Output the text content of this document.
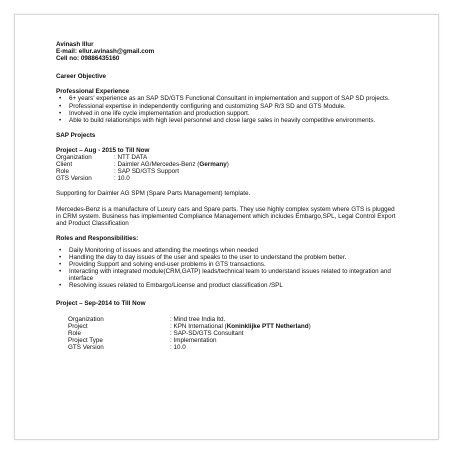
Avinash Illur
E-mail: ellur.avinash@gmail.com
Cell no: 09886435160
Career Objective
Professional Experience
• 6+ years' experience as an SAP SD/GTS Functional Consultant in implementation and support of SAP SD projects.
• Professional expertise in independently configuring and customizing SAP R/3 SD and GTS Module.
• Involved in one life cycle implementation and production support.
• Able to build relationships with high level personnel and close large sales in heavily competitive environments.
SAP Projects
Project – Aug - 2015 to Till Now
Organization	: NTT DATA
Client	: Daimler AG/Mercedes-Benz ( Germany )
Role	: SAP SD/GTS Support
GTS Version	: 10.0
Supporting for Daimler AG SPM (Spare Parts Management) template.
Mercedes-Benz is a manufacture of Luxury cars and Spare parts. They use highly complex system where GTS is plugged in CRM system. Business has implemented Compliance Management which includes Embargo,SPL, Legal Control Export and Product Classification
Roles and Responsibilities:
• Daily Monitoring of issues and attending the meetings when needed
• Handling the day to day issues of the user and speaks to the user to understand the problem better.
• Providing Support and solving end-user problems in GTS transactions.
• Interacting with integrated module(CRM,GATP) leads/technical team to understand issues related to integration and interface
• Resolving issues related to Embargo/License and product classification /SPL
Project – Sep-2014 to Till Now
Organization	: Mind tree India ltd.
Project	: KPN International ( Koninklijke PTT Netherland )
Role	: SAP-SD/GTS Consultant
Project Type	: Implementation
GTS Version	: 10.0
